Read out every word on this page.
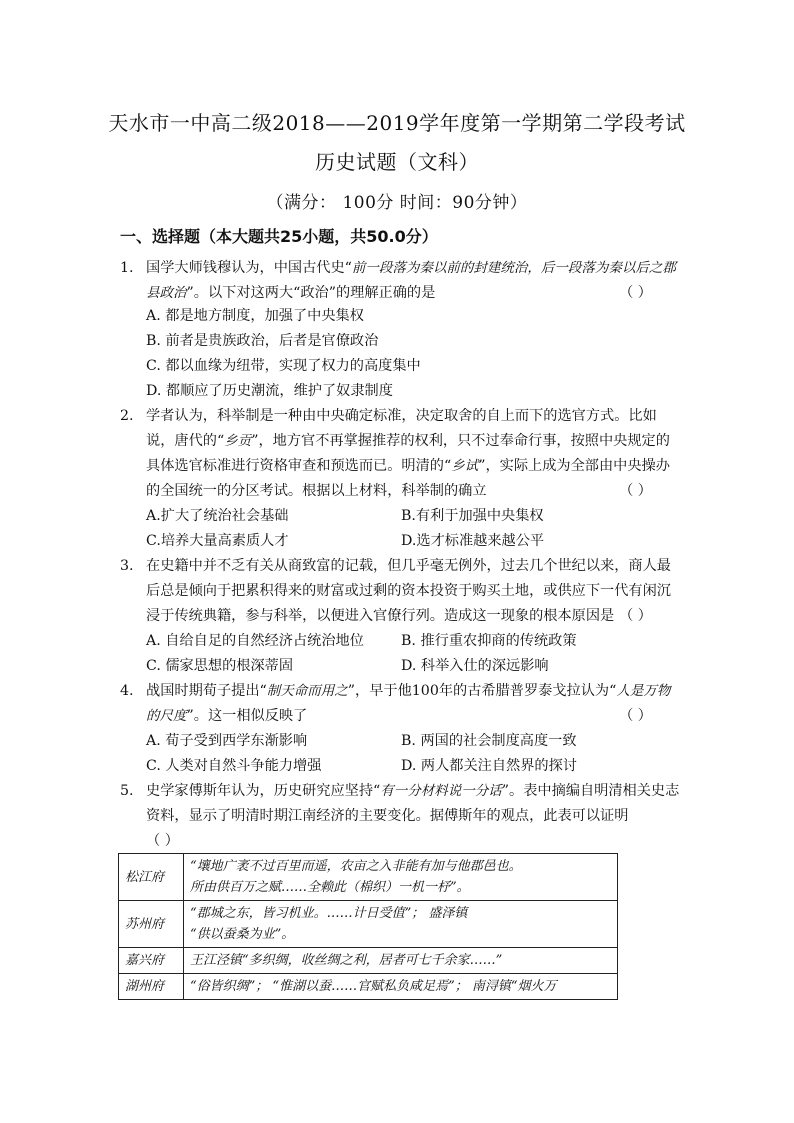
天水市一中高二级2018——2019学年度第一学期第二学段考试
历史试题（文科）
（满分： 100分 时间：90分钟）
一、选择题（本大题共25小题，共50.0分）
1. 国学大师钱穆认为，中国古代史“前一段落为秦以前的封建统治，后一段落为秦以后之郡县政治”。以下对这两大“政治”的理解正确的是	（ ）
A. 都是地方制度，加强了中央集权
B. 前者是贵族政治，后者是官僚政治
C. 都以血缘为纽带，实现了权力的高度集中
D. 都顺应了历史潮流，维护了奴隶制度
2. 学者认为，科举制是一种由中央确定标准，决定取舍的自上而下的选官方式。比如说，唐代的“乡贡”，地方官不再掌握推荐的权利，只不过奉命行事，按照中央规定的具体选官标准进行资格审查和预选而已。明清的“乡试”，实际上成为全部由中央操办的全国统一的分区考试。根据以上材料，科举制的确立	（ ）
A.扩大了统治社会基础	B.有利于加强中央集权
C.培养大量高素质人才	D.选才标准越来越公平
3. 在史籍中并不乏有关从商致富的记载，但几乎毫无例外，过去几个世纪以来，商人最后总是倾向于把累积得来的财富或过剩的资本投资于购买土地，或供应下一代有闲沉浸于传统典籍，参与科举，以便进入官僚行列。造成这一现象的根本原因是 （ ）
A. 自给自足的自然经济占统治地位	B. 推行重农抑商的传统政策
C. 儒家思想的根深蒂固	D. 科举入仕的深远影响
4. 战国时期荀子提出“制天命而用之”，早于他100年的古希腊普罗泰戈拉认为“人是万物的尺度”。这一相似反映了	（ ）
A. 荀子受到西学东渐影响	B. 两国的社会制度高度一致
C. 人类对自然斗争能力增强	D. 两人都关注自然界的探讨
5. 史学家傅斯年认为，历史研究应坚持“有一分材料说一分话”。表中摘编自明清相关史志资料，显示了明清时期江南经济的主要变化。据傅斯年的观点，此表可以证明
（ ）
松江府	“壤地广袤不过百里而遥，农亩之入非能有加与他郡邑也。
所由供百万之赋……全赖此（棉织）一机一杼”。

苏州府	“郡城之东，皆习机业。……计日受值”； 盛泽镇
“供以蚕桑为业”。

嘉兴府	王江泾镇“多织绸，收丝绸之利，居者可七千余家……”

湖州府	“俗皆织绸”； “惟湖以蚕……官赋私负咸足焉”； 南浔镇“烟火万
